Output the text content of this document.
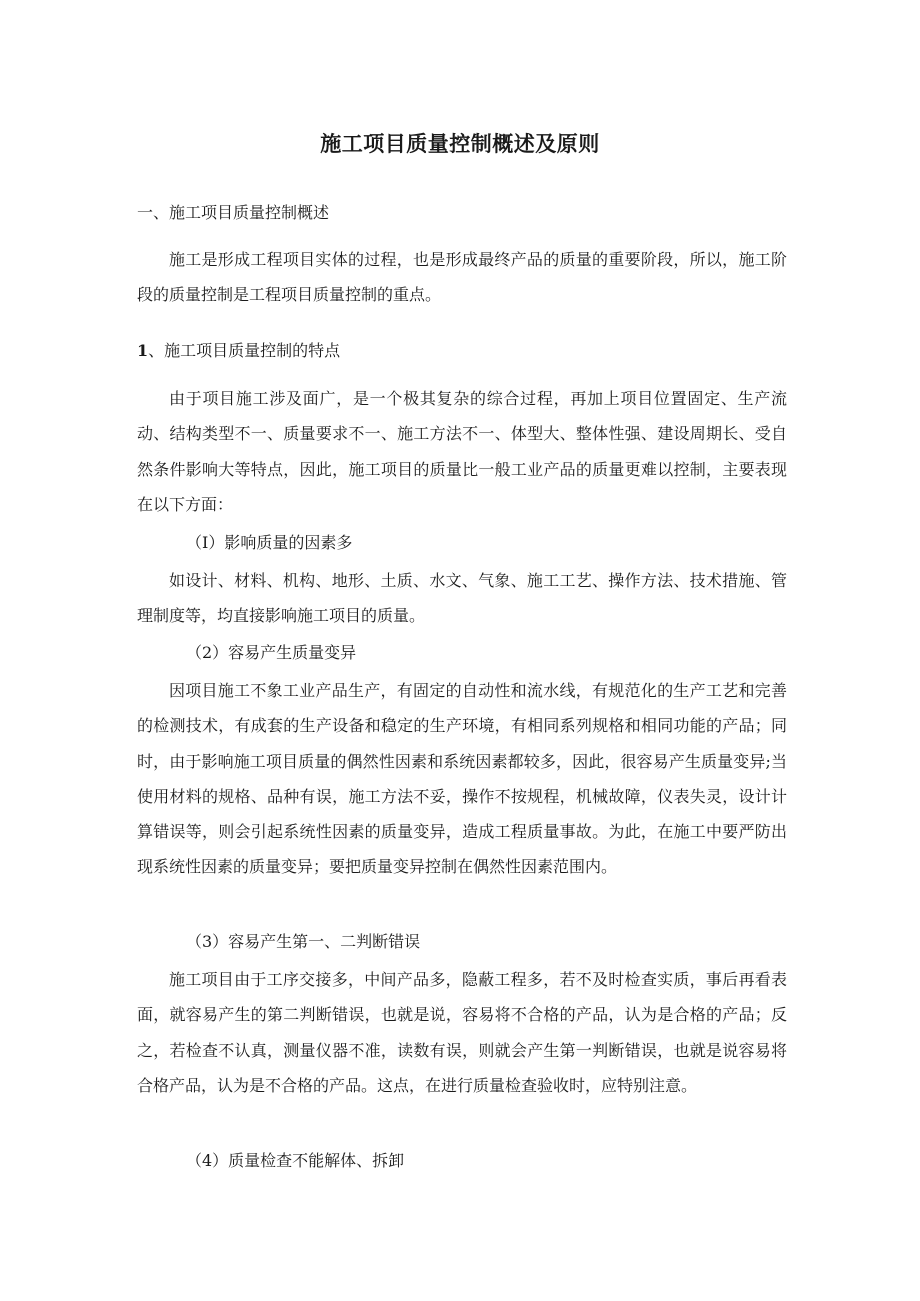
施工项目质量控制概述及原则
一、施工项目质量控制概述

施工是形成工程项目实体的过程，也是形成最终产品的质量的重要阶段，所以，施工阶段的质量控制是工程项目质量控制的重点。

1、施工项目质量控制的特点

由于项目施工涉及面广，是一个极其复杂的综合过程，再加上项目位置固定、生产流动、结构类型不一、质量要求不一、施工方法不一、体型大、整体性强、建设周期长、受自然条件影响大等特点，因此，施工项目的质量比一般工业产品的质量更难以控制，主要表现在以下方面：

（I）影响质量的因素多

如设计、材料、机构、地形、土质、水文、气象、施工工艺、操作方法、技术措施、管理制度等，均直接影响施工项目的质量。

（2）容易产生质量变异

因项目施工不象工业产品生产，有固定的自动性和流水线，有规范化的生产工艺和完善的检测技术，有成套的生产设备和稳定的生产环境，有相同系列规格和相同功能的产品；同时，由于影响施工项目质量的偶然性因素和系统因素都较多，因此，很容易产生质量变异;当使用材料的规格、品种有误，施工方法不妥，操作不按规程，机械故障，仪表失灵，设计计算错误等，则会引起系统性因素的质量变异，造成工程质量事故。为此，在施工中要严防出现系统性因素的质量变异；要把质量变异控制在偶然性因素范围内。

（3）容易产生第一、二判断错误

施工项目由于工序交接多，中间产品多，隐蔽工程多，若不及时检查实质，事后再看表面，就容易产生的第二判断错误，也就是说，容易将不合格的产品，认为是合格的产品；反之，若检查不认真，测量仪器不准，读数有误，则就会产生第一判断错误，也就是说容易将合格产品，认为是不合格的产品。这点，在进行质量检查验收时，应特别注意。

（4）质量检查不能解体、拆卸
